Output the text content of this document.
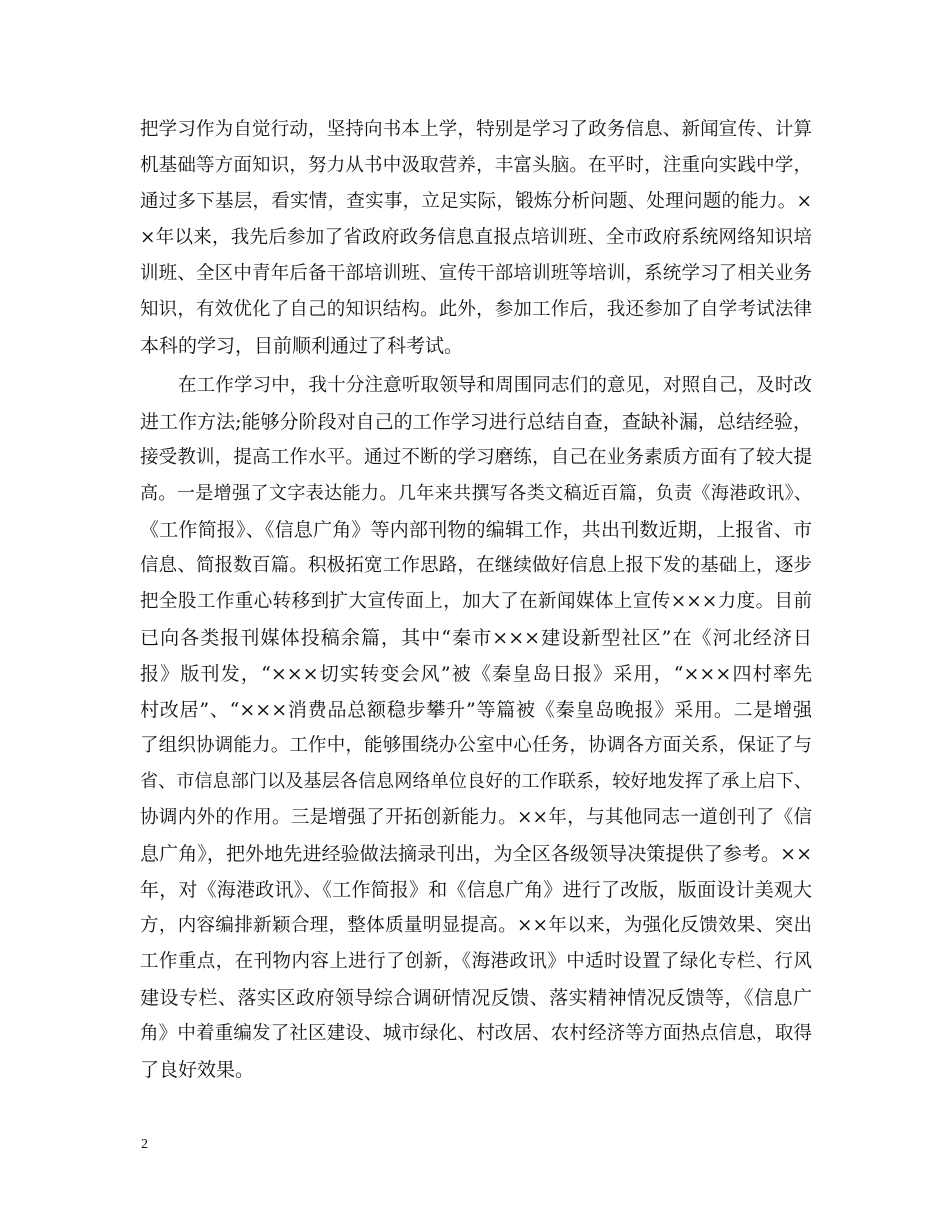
把学习作为自觉行动，坚持向书本上学，特别是学习了政务信息、新闻宣传、计算
机基础等方面知识，努力从书中汲取营养，丰富头脑。在平时，注重向实践中学，
通过多下基层，看实情，查实事，立足实际，锻炼分析问题、处理问题的能力。×
×年以来，我先后参加了省政府政务信息直报点培训班、全市政府系统网络知识培
训班、全区中青年后备干部培训班、宣传干部培训班等培训，系统学习了相关业务
知识，有效优化了自己的知识结构。此外，参加工作后，我还参加了自学考试法律
本科的学习，目前顺利通过了科考试。
在工作学习中，我十分注意听取领导和周围同志们的意见，对照自己，及时改
进工作方法;能够分阶段对自己的工作学习进行总结自查，查缺补漏，总结经验，
接受教训，提高工作水平。通过不断的学习磨练，自己在业务素质方面有了较大提
高。一是增强了文字表达能力。几年来共撰写各类文稿近百篇，负责《海港政讯》、
《工作简报》、《信息广角》等内部刊物的编辑工作，共出刊数近期，上报省、市
信息、简报数百篇。积极拓宽工作思路，在继续做好信息上报下发的基础上，逐步
把全股工作重心转移到扩大宣传面上，加大了在新闻媒体上宣传×××力度。目前
已向各类报刊媒体投稿余篇，其中“秦市×××建设新型社区”在《河北经济日
报》版刊发，“×××切实转变会风”被《秦皇岛日报》采用，“×××四村率先
村改居”、“×××消费品总额稳步攀升”等篇被《秦皇岛晚报》采用。二是增强
了组织协调能力。工作中，能够围绕办公室中心任务，协调各方面关系，保证了与
省、市信息部门以及基层各信息网络单位良好的工作联系，较好地发挥了承上启下、
协调内外的作用。三是增强了开拓创新能力。××年，与其他同志一道创刊了《信
息广角》，把外地先进经验做法摘录刊出，为全区各级领导决策提供了参考。××
年，对《海港政讯》、《工作简报》和《信息广角》进行了改版，版面设计美观大
方，内容编排新颖合理，整体质量明显提高。××年以来，为强化反馈效果、突出
工作重点，在刊物内容上进行了创新，《海港政讯》中适时设置了绿化专栏、行风
建设专栏、落实区政府领导综合调研情况反馈、落实精神情况反馈等，《信息广
角》中着重编发了社区建设、城市绿化、村改居、农村经济等方面热点信息，取得
了良好效果。
2
